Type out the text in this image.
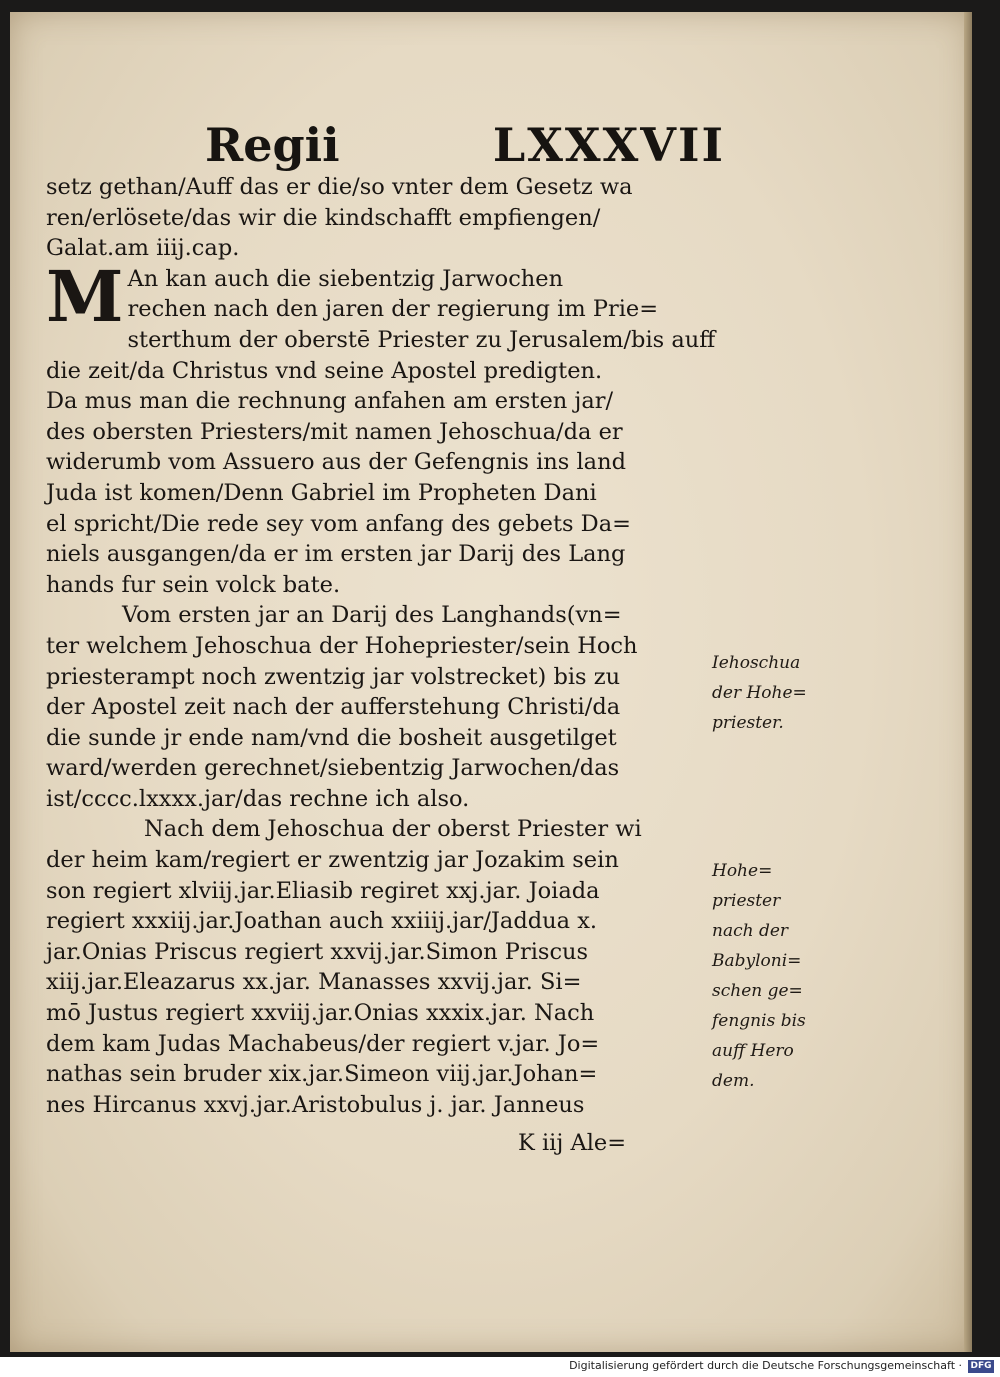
Regii	LXXXVII
setz gethan/Auff das er die/so vnter dem Gesetz wa
ren/erlösete/das wir die kindschafft empfiengen/
Galat.am iiij.cap.
M An kan auch die siebentzig Jarwochen
rechen nach den jaren der regierung im Prie=
sterthum der oberstē Priester zu Jerusalem/bis auff
die zeit/da Christus vnd seine Apostel predigten.
Da mus man die rechnung anfahen am ersten jar/
des obersten Priesters/mit namen Jehoschua/da er
widerumb vom Assuero aus der Gefengnis ins land
Juda ist komen/Denn Gabriel im Propheten Dani
el spricht/Die rede sey vom anfang des gebets Da=
niels ausgangen/da er im ersten jar Darij des Lang
hands fur sein volck bate.
Vom ersten jar an Darij des Langhands(vn=
ter welchem Jehoschua der Hohepriester/sein Hoch
priesterampt noch zwentzig jar volstrecket) bis zu
der Apostel zeit nach der aufferstehung Christi/da
die sunde jr ende nam/vnd die bosheit ausgetilget
ward/werden gerechnet/siebentzig Jarwochen/das
ist/cccc.lxxxx.jar/das rechne ich also.
Nach dem Jehoschua der oberst Priester wi
der heim kam/regiert er zwentzig jar Jozakim sein
son regiert xlviij.jar.Eliasib regiret xxj.jar. Joiada
regiert xxxiij.jar.Joathan auch xxiiij.jar/Jaddua x.
jar.Onias Priscus regiert xxvij.jar.Simon Priscus
xiij.jar.Eleazarus xx.jar. Manasses xxvij.jar. Si=
mō Justus regiert xxviij.jar.Onias xxxix.jar. Nach
dem kam Judas Machabeus/der regiert v.jar. Jo=
nathas sein bruder xix.jar.Simeon viij.jar.Johan=
nes Hircanus xxvj.jar.Aristobulus j. jar. Janneus
Iehoschua
der Hohe=
priester.
Hohe=
priester
nach der
Babyloni=
schen ge=
fengnis bis
auff Hero
dem.
K iij Ale=
Digitalisierung gefördert durch die Deutsche Forschungsgemeinschaft · DFG
